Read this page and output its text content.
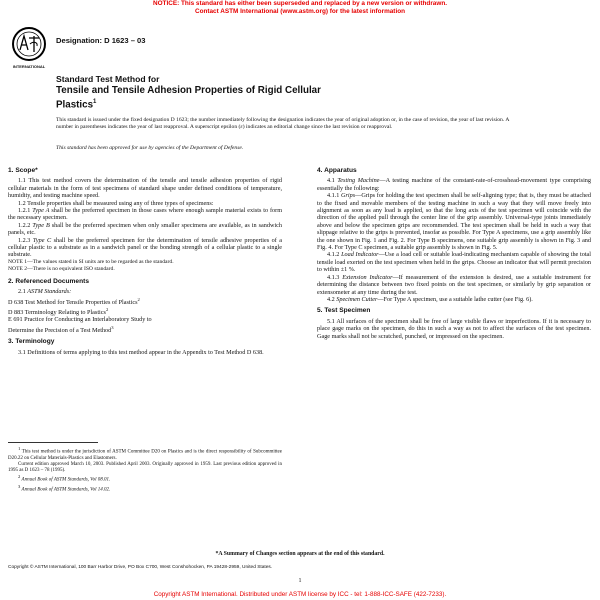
NOTICE: This standard has either been superseded and replaced by a new version or withdrawn.
Contact ASTM International (www.astm.org) for the latest information
INTERNATIONAL
Designation: D 1623 – 03
Standard Test Method for
Tensile and Tensile Adhesion Properties of Rigid Cellular
Plastics$^1$
This standard is issued under the fixed designation D 1623; the number immediately following the designation indicates the year of original adoption or, in the case of revision, the year of last revision. A number in parentheses indicates the year of last reapproval. A superscript epsilon (ε) indicates an editorial change since the last revision or reapproval.
This standard has been approved for use by agencies of the Department of Defense.
1. Scope*

1.1 This test method covers the determination of the tensile and tensile adhesion properties of rigid cellular materials in the form of test specimens of standard shape under defined conditions of temperature, humidity, and testing machine speed.

1.2 Tensile properties shall be measured using any of three types of specimens:

1.2.1 Type A shall be the preferred specimen in those cases where enough sample material exists to form the necessary specimen.

1.2.2 Type B shall be the preferred specimen when only smaller specimens are available, as in sandwich panels, etc.

1.2.3 Type C shall be the preferred specimen for the determination of tensile adhesive properties of a cellular plastic to a substrate as in a sandwich panel or the bonding strength of a cellular plastic to a single substrate.

NOTE 1—The values stated in SI units are to be regarded as the standard.

NOTE 2—There is no equivalent ISO standard.

2. Referenced Documents

2.1 ASTM Standards:

D 638 Test Method for Tensile Properties of Plastics$^2$

D 883 Terminology Relating to Plastics$^2$

E 691 Practice for Conducting an Interlaboratory Study to

Determine the Precision of a Test Method$^3$

3. Terminology

3.1 Definitions of terms applying to this test method appear in the Appendix to Test Method D 638.

$^1$ This test method is under the jurisdiction of ASTM Committee D20 on Plastics and is the direct responsibility of Subcommittee D20.22 on Cellular Materials-Plastics and Elastomers.

Current edition approved March 10, 2003. Published April 2003. Originally approved in 1959. Last previous edition approved in 1995 as D 1623 – 78 (1995).

$^2$ Annual Book of ASTM Standards, Vol 08.01.

$^3$ Annual Book of ASTM Standards, Vol 14.02.

4. Apparatus

4.1 Testing Machine—A testing machine of the constant-rate-of-crosshead-movement type comprising essentially the following:

4.1.1 Grips—Grips for holding the test specimen shall be self-aligning type; that is, they must be attached to the fixed and movable members of the testing machine in such a way that they will move freely into alignment as soon as any load is applied, so that the long axis of the test specimen will coincide with the direction of the applied pull through the center line of the grip assembly. Universal-type joints immediately above and below the specimen grips are recommended. The test specimen shall be held in such a way that slippage relative to the grips is prevented, insofar as possible. For Type A specimens, use a grip assembly like the one shown in Fig. 1 and Fig. 2. For Type B specimens, one suitable grip assembly is shown in Fig. 3 and Fig. 4. For Type C specimen, a suitable grip assembly is shown in Fig. 5.

4.1.2 Load Indicator—Use a load cell or suitable load-indicating mechanism capable of showing the total tensile load exerted on the test specimen when held in the grips. Choose an indicator that will permit precision to within ±1 %.

4.1.3 Extension Indicator—If measurement of the extension is desired, use a suitable instrument for determining the distance between two fixed points on the test specimen, or similarly by grip separation or extensometer at any time during the test.

4.2 Specimen Cutter—For Type A specimen, use a suitable lathe cutter (see Fig. 6).

5. Test Specimen

5.1 All surfaces of the specimen shall be free of large visible flaws or imperfections. If it is necessary to place gage marks on the specimen, do this in such a way as not to affect the surfaces of the test specimen. Gage marks shall not be scratched, punched, or impressed on the specimen.

*A Summary of Changes section appears at the end of this standard.
Copyright © ASTM International, 100 Barr Harbor Drive, PO Box C700, West Conshohocken, PA 19428-2959, United States.
1
Copyright ASTM International. Distributed under ASTM license by ICC - tel: 1-888-ICC-SAFE (422-7233).
